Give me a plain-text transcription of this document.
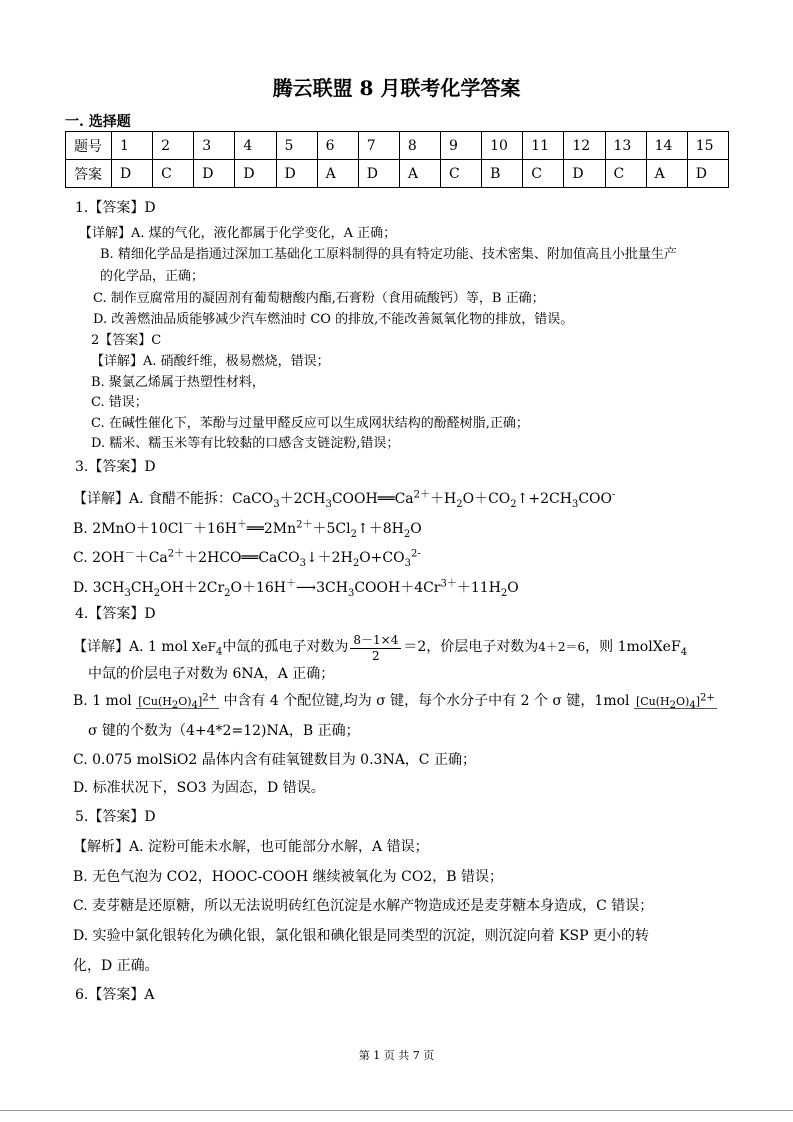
腾云联盟 8 月联考化学答案
一. 选择题
题号	1	2	3	4	5	6	7	8	9	10	11	12	13	14	15
答案	D	C	D	D	D	A	D	A	C	B	C	D	C	A	D
1.【答案】D
【详解】A. 煤的气化，液化都属于化学变化，A 正确；
B. 精细化学品是指通过深加工基础化工原料制得的具有特定功能、技术密集、附加值高且小批量生产
的化学品，正确；
C. 制作豆腐常用的凝固剂有葡萄糖酸内酯,石膏粉（食用硫酸钙）等，B 正确；
D. 改善燃油品质能够减少汽车燃油时 CO 的排放,不能改善氮氧化物的排放，错误。
2【答案】C
【详解】A. 硝酸纤维，极易燃烧，错误；
B. 聚氯乙烯属于热塑性材料，
C. 错误；
C. 在碱性催化下，苯酚与过量甲醛反应可以生成网状结构的酚醛树脂,正确；
D. 糯米、糯玉米等有比较黏的口感含支链淀粉,错误；
3.【答案】D
【详解】A. 食醋不能拆：$CaCO_3+2CH_3COOH══Ca^{2+}+H_2O+CO_2↑+2CH_3COO^-$
B. $2MnO+10Cl^-+16H^+══2Mn^{2+}+5Cl_2↑+8H_2O$
C. $2OH^-+Ca^{2+}+2HCO══CaCO_3↓+2H_2O+CO_3^{2-}$
D. $3CH_3CH_2OH+2Cr_2O+16H^+⟶3CH_3COOH+4Cr^{3+}+11H_2O$
4.【答案】D
【详解】A. 1 mol XeF$_4$中氙的孤电子对数为 $\frac{8-1\times 4}{2} =2$，价层电子对数为4＋2＝6，则 1molXeF$_4$
中氙的价层电子对数为 6NA，A 正确；
B. 1 mol $[Cu(H_2O)_4]^{2+}$ 中含有 4 个配位键,均为 σ 键，每个水分子中有 2 个 σ 键，1mol $[Cu(H_2O)_4]^{2+}$
σ 键的个数为（4+4*2=12)NA，B 正确；
C. 0.075 molSiO2 晶体内含有硅氧键数目为 0.3NA，C 正确；
D. 标准状况下，SO3 为固态，D 错误。
5.【答案】D
【解析】A. 淀粉可能未水解，也可能部分水解，A 错误；
B. 无色气泡为 CO2，HOOC-COOH 继续被氧化为 CO2，B 错误；
C. 麦芽糖是还原糖，所以无法说明砖红色沉淀是水解产物造成还是麦芽糖本身造成，C 错误；
D. 实验中氯化银转化为碘化银，氯化银和碘化银是同类型的沉淀，则沉淀向着 KSP 更小的转
化，D 正确。
6.【答案】A
第 1 页 共 7 页
